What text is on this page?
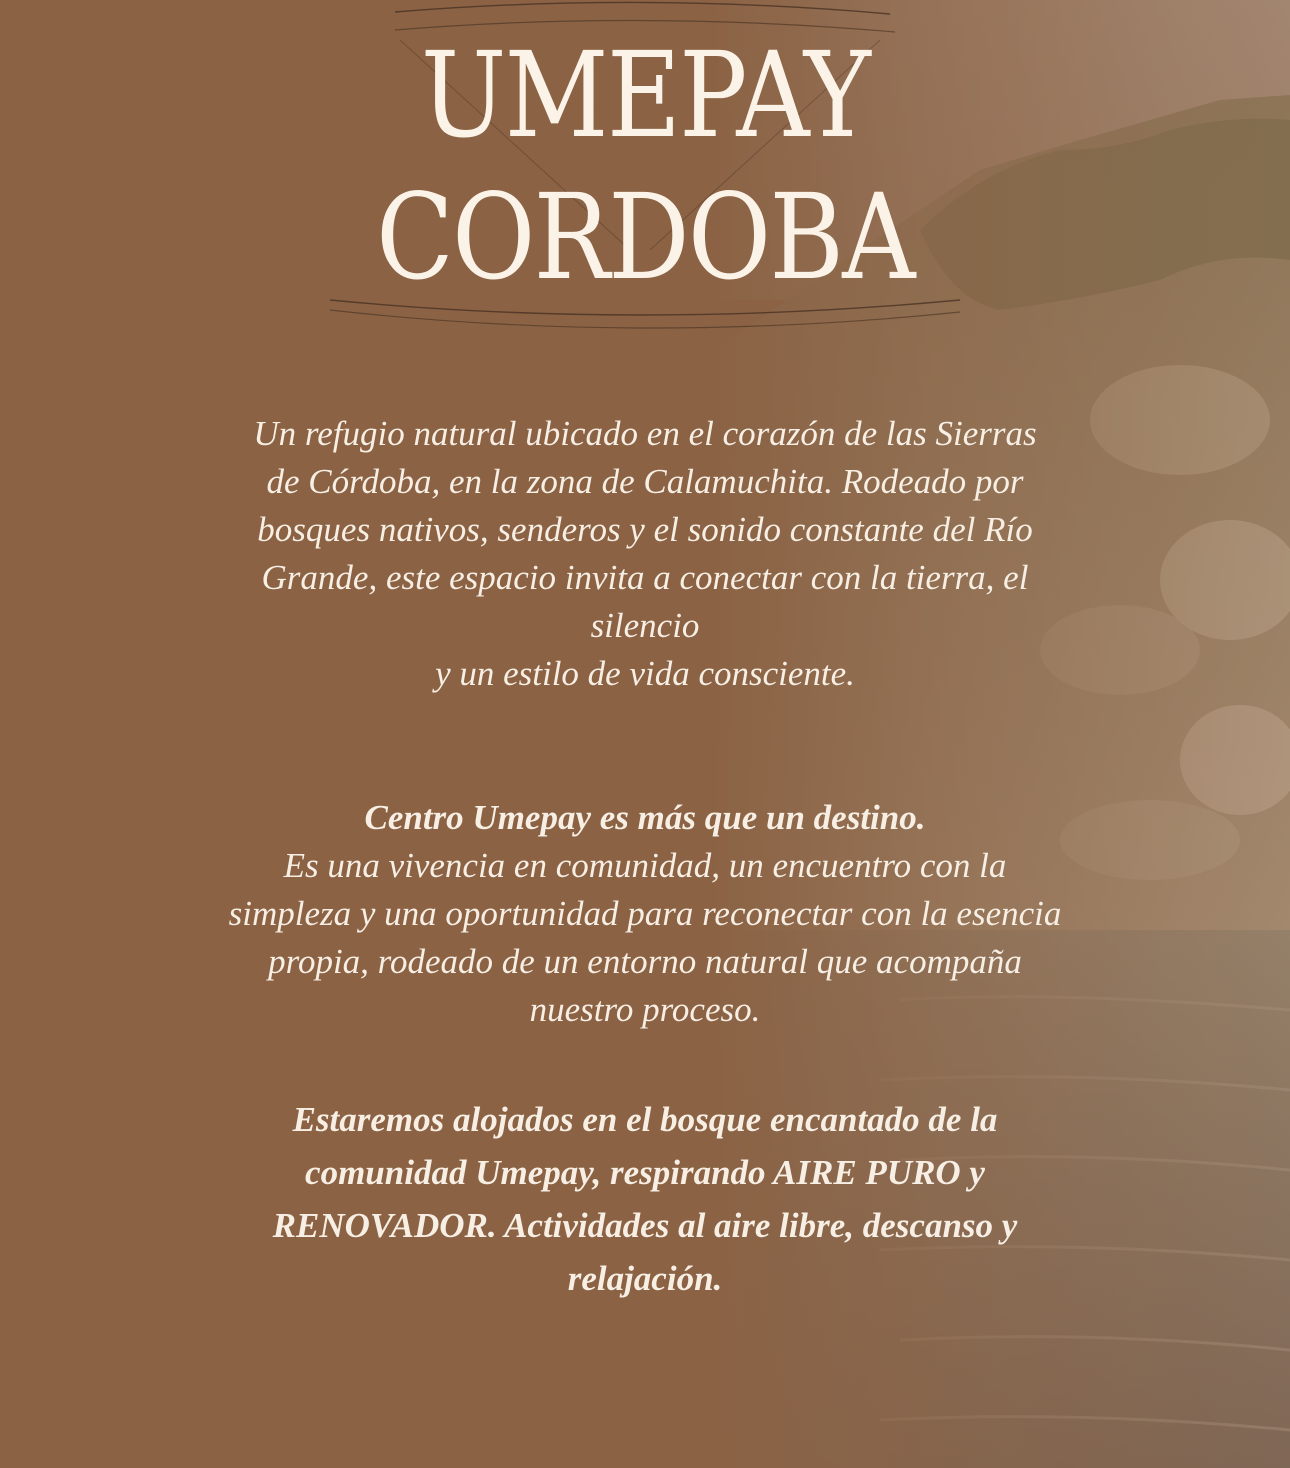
UMEPAY
CORDOBA

Un refugio natural ubicado en el corazón de las Sierras
de Córdoba, en la zona de Calamuchita. Rodeado por
bosques nativos, senderos y el sonido constante del Río
Grande, este espacio invita a conectar con la tierra, el
silencio
y un estilo de vida consciente.

Centro Umepay es más que un destino.

Es una vivencia en comunidad, un encuentro con la
simpleza y una oportunidad para reconectar con la esencia
propia, rodeado de un entorno natural que acompaña
nuestro proceso.

Estaremos alojados en el bosque encantado de la
comunidad Umepay, respirando AIRE PURO y
RENOVADOR. Actividades al aire libre, descanso y
relajación.
